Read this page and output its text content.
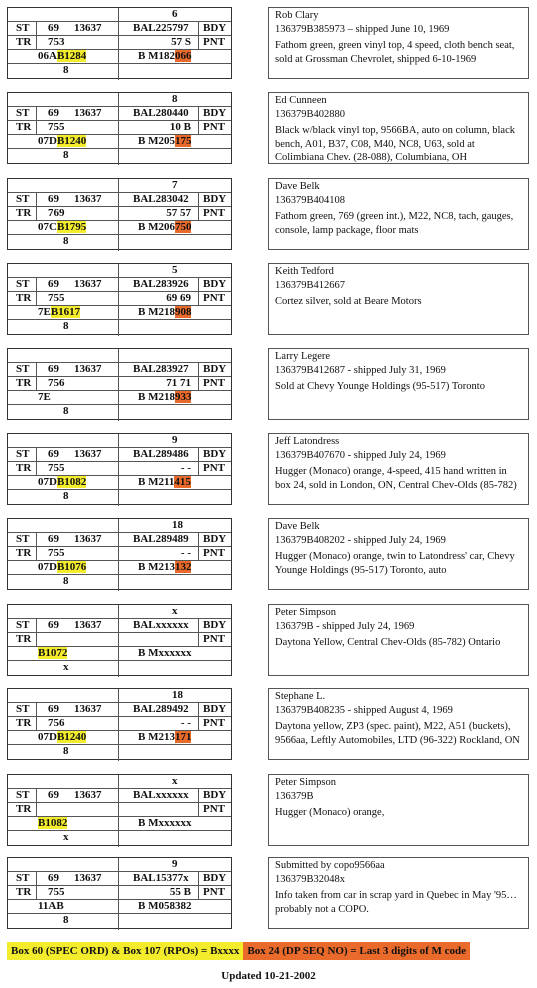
6
ST 69 13637	BAL225797 BDY
TR 753	57 S PNT
06AB1284	B M182066
8
Rob Clary
136379B385973 – shipped June 10, 1969
Fathom green, green vinyl top, 4 speed, cloth bench seat, sold at Grossman Chevrolet, shipped 6-10-1969
8
ST 69 13637	BAL280440 BDY
TR 755	10 B PNT
07DB1240	B M205175
8
Ed Cunneen
136379B402880
Black w/black vinyl top, 9566BA, auto on column, black bench, A01, B37, C08, M40, NC8, U63, sold at Colimbiana Chev. (28-088), Columbiana, OH
7
ST 69 13637	BAL283042 BDY
TR 769	57 57 PNT
07CB1795	B M206750
8
Dave Belk
136379B404108
Fathom green, 769 (green int.), M22, NC8, tach, gauges, console, lamp package, floor mats
5
ST 69 13637	BAL283926 BDY
TR 755	69 69 PNT
7EB1617	B M218908
8
Keith Tedford
136379B412667
Cortez silver, sold at Beare Motors
ST 69 13637	BAL283927 BDY
TR 756	71 71 PNT
7E	B M218933
8
Larry Legere
136379B412687 - shipped July 31, 1969
Sold at Chevy Younge Holdings (95-517) Toronto
9
ST 69 13637	BAL289486 BDY
TR 755	- - PNT
07DB1082	B M211415
8
Jeff Latondress
136379B407670 - shipped July 24, 1969
Hugger (Monaco) orange, 4-speed, 415 hand written in box 24, sold in London, ON, Central Chev-Olds (85-782)
18
ST 69 13637	BAL289489 BDY
TR 755	- - PNT
07DB1076	B M213132
8
Dave Belk
136379B408202 - shipped July 24, 1969
Hugger (Monaco) orange, twin to Latondress' car, Chevy Younge Holdings (95-517) Toronto, auto
x
ST 69 13637	BALxxxxxx BDY
TR	PNT
B1072	B Mxxxxxx
x
Peter Simpson
136379B - shipped July 24, 1969
Daytona Yellow, Central Chev-Olds (85-782) Ontario
18
ST 69 13637	BAL289492 BDY
TR 756	- - PNT
07DB1240	B M213171
8
Stephane L.
136379B408235 - shipped August 4, 1969
Daytona yellow, ZP3 (spec. paint), M22, A51 (buckets), 9566aa, Leftly Automobiles, LTD (96-322) Rockland, ON
x
ST 69 13637	BALxxxxxx BDY
TR	PNT
B1082	B Mxxxxxx
x
Peter Simpson
136379B
Hugger (Monaco) orange,
9
ST 69 13637	BAL15377x BDY
TR 755	55 B PNT
11AB	B M058382
8
Submitted by copo9566aa
136379B32048x
Info taken from car in scrap yard in Quebec in May '95…probably not a COPO.
Box 60 (SPEC ORD) & Box 107 (RPOs) = Bxxxx Box 24 (DP SEQ NO) = Last 3 digits of M code
Updated 10-21-2002
